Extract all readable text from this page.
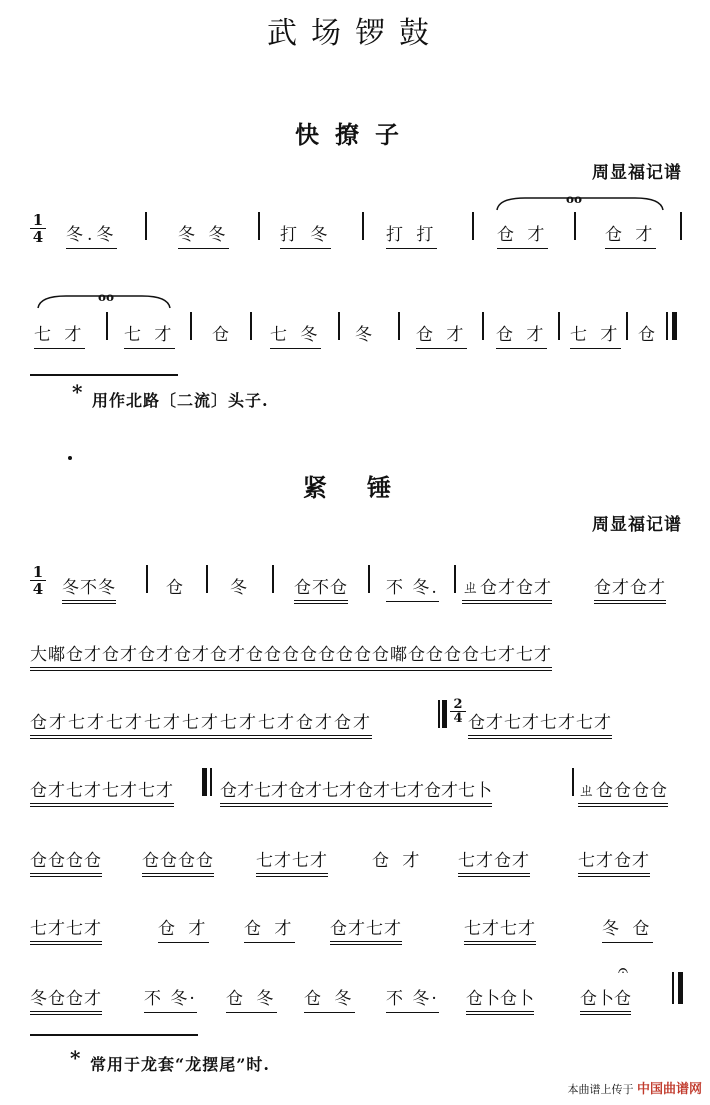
武场锣鼓
快撩子
周显福记谱
$\frac{1}{4}$
oo
冬.冬	冬 冬	打 冬	打 打	仓 才	仓 才
oo
七 才 七 才 仓 七 冬 冬 仓 才 仓 才 七 才 仓
* 用作北路〔二流〕头子.
紧 锤
周显福记谱
$\frac{1}{4}$ 冬不冬	仓	冬	仓不仓 不 冬. ㄓ仓才仓才 仓才仓才
大嘟仓才仓才仓才仓才仓才仓仓仓仓仓仓仓仓嘟仓仓仓仓七才七才
仓才七才七才七才七才七才七才仓才仓才	$\frac{2}{4}$ 仓才七才七才七才
仓才七才七才七才	仓才七才仓才七才仓才七才仓才七卜	ㄓ仓仓仓仓
仓仓仓仓 仓仓仓仓 七才七才	仓 才 七才仓才	七才仓才
七才七才	仓 才 仓 才 仓才七才	七才七才	冬 仓
𝄐
冬仓仓才 不 冬· 仓 冬 仓 冬 不 冬· 仓卜仓卜	仓卜仓
* 常用于龙套“龙摆尾”时.
本曲谱上传于 中国曲谱网
